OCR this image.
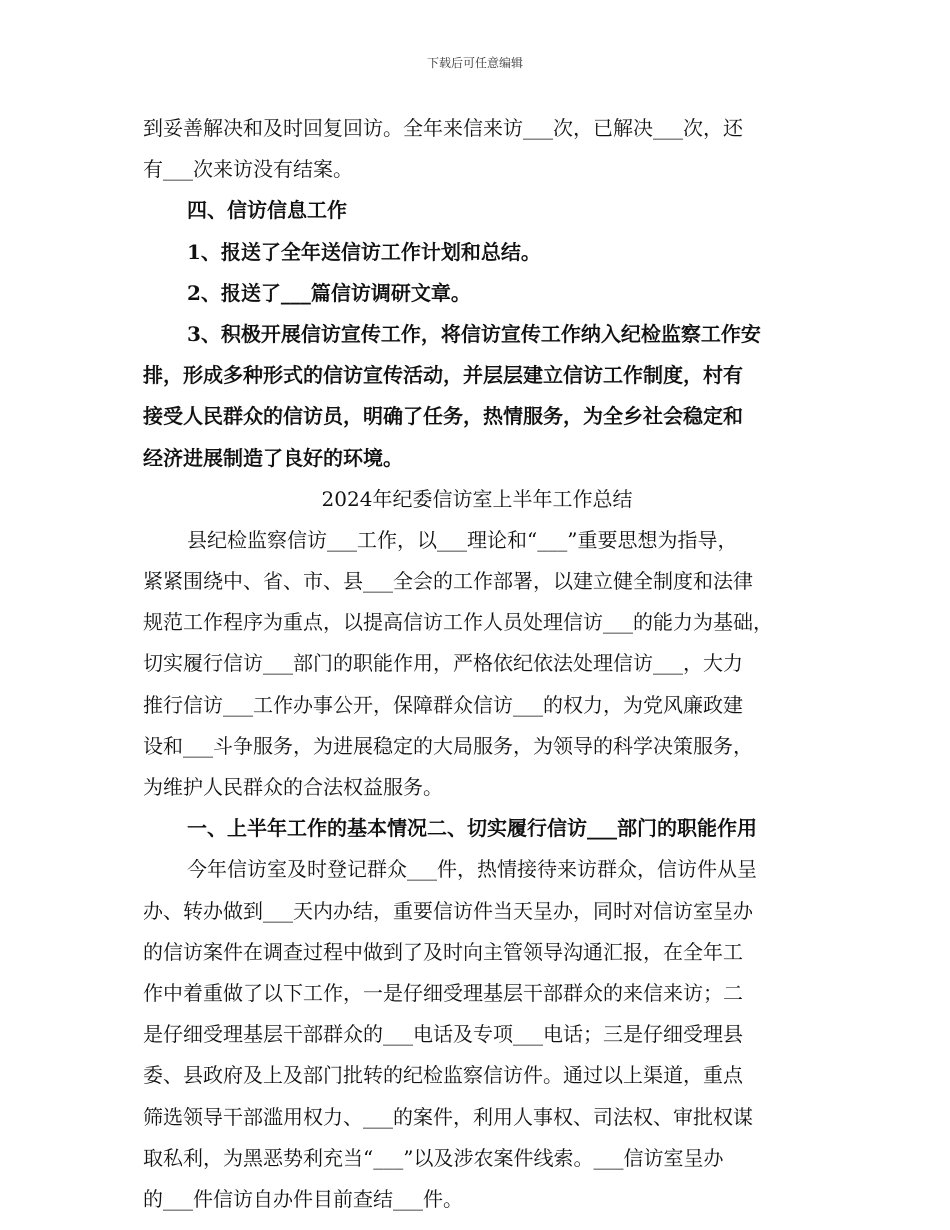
下载后可任意编辑
到妥善解决和及时回复回访。全年来信来访___次，已解决___次，还
有___次来访没有结案。
四、信访信息工作
1、报送了全年送信访工作计划和总结。
2、报送了___篇信访调研文章。
3、积极开展信访宣传工作，将信访宣传工作纳入纪检监察工作安
排，形成多种形式的信访宣传活动，并层层建立信访工作制度，村有
接受人民群众的信访员，明确了任务，热情服务，为全乡社会稳定和
经济进展制造了良好的环境。
2024年纪委信访室上半年工作总结
县纪检监察信访___工作，以___理论和“___”重要思想为指导，
紧紧围绕中、省、市、县___全会的工作部署，以建立健全制度和法律
规范工作程序为重点，以提高信访工作人员处理信访___的能力为基础，
切实履行信访___部门的职能作用，严格依纪依法处理信访___，大力
推行信访___工作办事公开，保障群众信访___的权力，为党风廉政建
设和___斗争服务，为进展稳定的大局服务，为领导的科学决策服务，
为维护人民群众的合法权益服务。
一、上半年工作的基本情况二、切实履行信访___部门的职能作用
今年信访室及时登记群众___件，热情接待来访群众，信访件从呈
办、转办做到___天内办结，重要信访件当天呈办，同时对信访室呈办
的信访案件在调查过程中做到了及时向主管领导沟通汇报，在全年工
作中着重做了以下工作，一是仔细受理基层干部群众的来信来访；二
是仔细受理基层干部群众的___电话及专项___电话；三是仔细受理县
委、县政府及上及部门批转的纪检监察信访件。通过以上渠道，重点
筛选领导干部滥用权力、___的案件，利用人事权、司法权、审批权谋
取私利，为黑恶势利充当“___”以及涉农案件线索。___信访室呈办
的___件信访自办件目前查结___件。
